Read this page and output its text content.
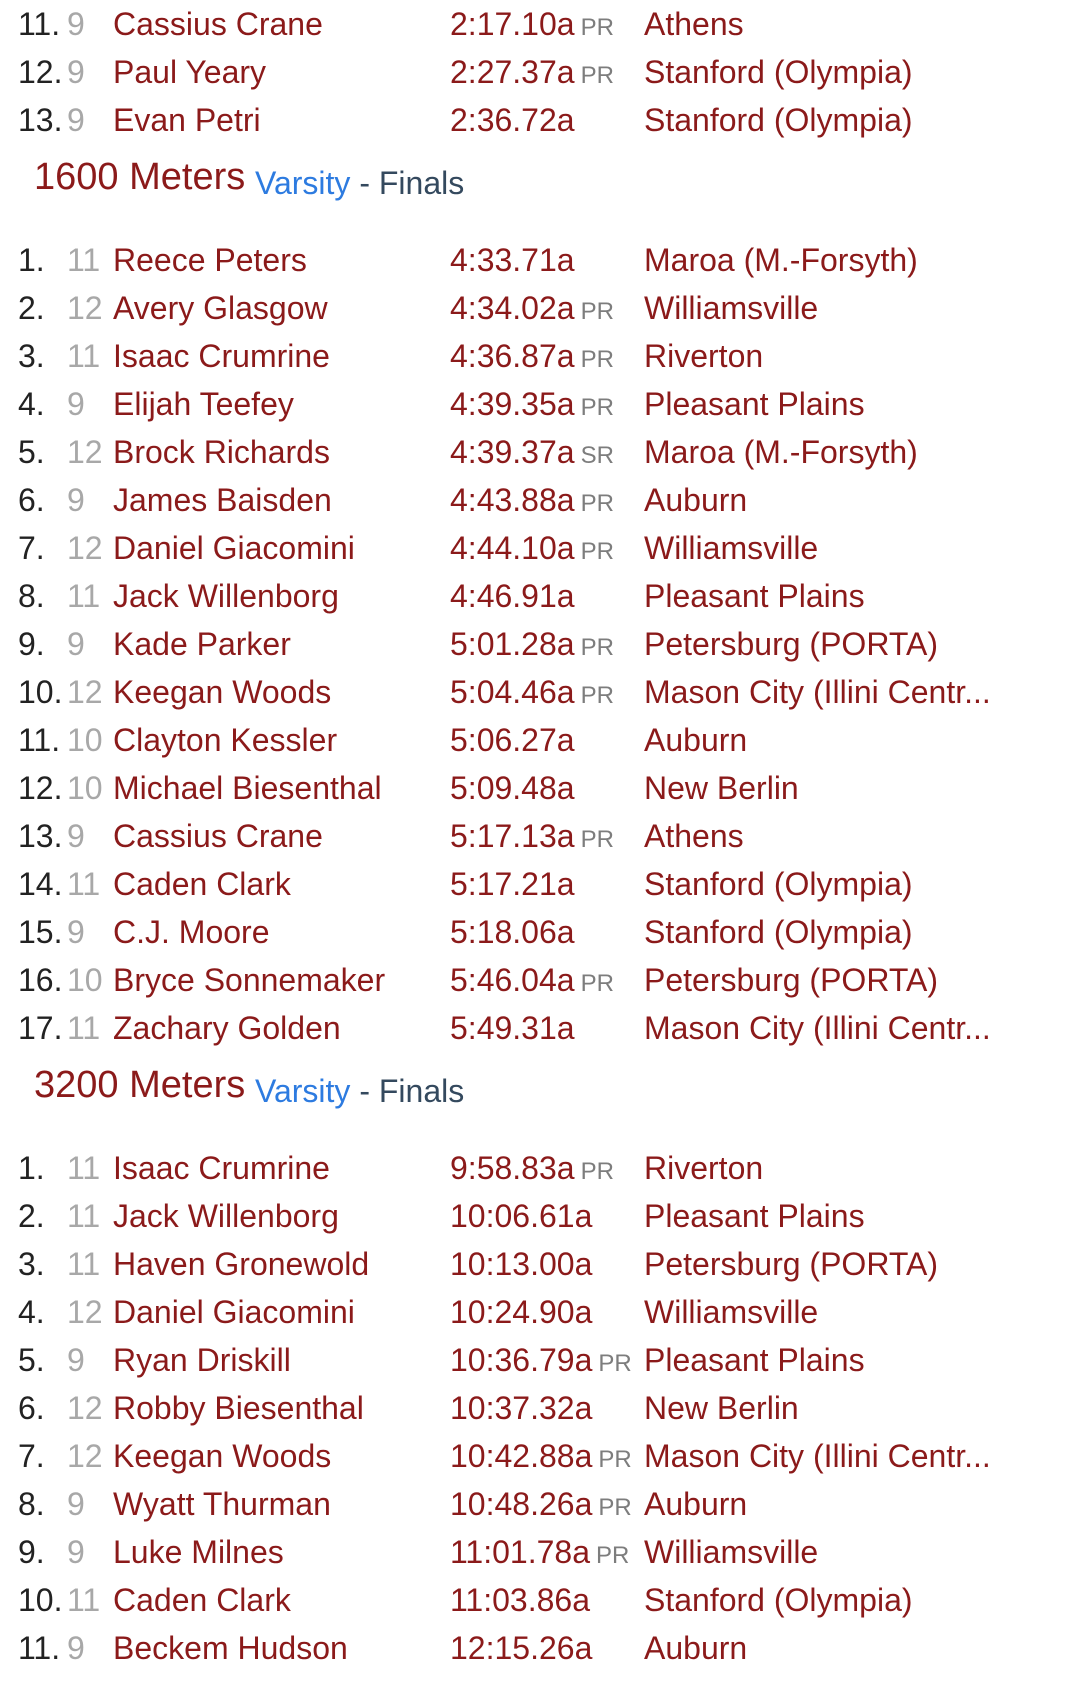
11. 9 Cassius Crane	2:17.10a PR Athens
12. 9 Paul Yeary	2:27.37a PR Stanford (Olympia)
13. 9 Evan Petri	2:36.72a Stanford (Olympia)
1600 Meters Varsity - Finals
1. 11 Reece Peters	4:33.71a Maroa (M.-Forsyth)
2. 12 Avery Glasgow	4:34.02a PR Williamsville
3. 11 Isaac Crumrine	4:36.87a PR Riverton
4. 9 Elijah Teefey	4:39.35a PR Pleasant Plains
5. 12 Brock Richards	4:39.37a SR Maroa (M.-Forsyth)
6. 9 James Baisden	4:43.88a PR Auburn
7. 12 Daniel Giacomini	4:44.10a PR Williamsville
8. 11 Jack Willenborg	4:46.91a Pleasant Plains
9. 9 Kade Parker	5:01.28a PR Petersburg (PORTA)
10. 12 Keegan Woods	5:04.46a PR Mason City (Illini Centr...
11. 10 Clayton Kessler	5:06.27a Auburn
12. 10 Michael Biesenthal 5:09.48a New Berlin
13. 9 Cassius Crane	5:17.13a PR Athens
14. 11 Caden Clark	5:17.21a Stanford (Olympia)
15. 9 C.J. Moore	5:18.06a Stanford (Olympia)
16. 10 Bryce Sonnemaker 5:46.04a PR Petersburg (PORTA)
17. 11 Zachary Golden	5:49.31a Mason City (Illini Centr...
3200 Meters Varsity - Finals
1. 11 Isaac Crumrine	9:58.83a PR Riverton
2. 11 Jack Willenborg	10:06.61a Pleasant Plains
3. 11 Haven Gronewold	10:13.00a Petersburg (PORTA)
4. 12 Daniel Giacomini	10:24.90a Williamsville
5. 9 Ryan Driskill	10:36.79a PR Pleasant Plains
6. 12 Robby Biesenthal	10:37.32a New Berlin
7. 12 Keegan Woods	10:42.88a PR Mason City (Illini Centr...
8. 9 Wyatt Thurman	10:48.26a PR Auburn
9. 9 Luke Milnes	11:01.78a PR Williamsville
10. 11 Caden Clark	11:03.86a Stanford (Olympia)
11. 9 Beckem Hudson	12:15.26a Auburn
